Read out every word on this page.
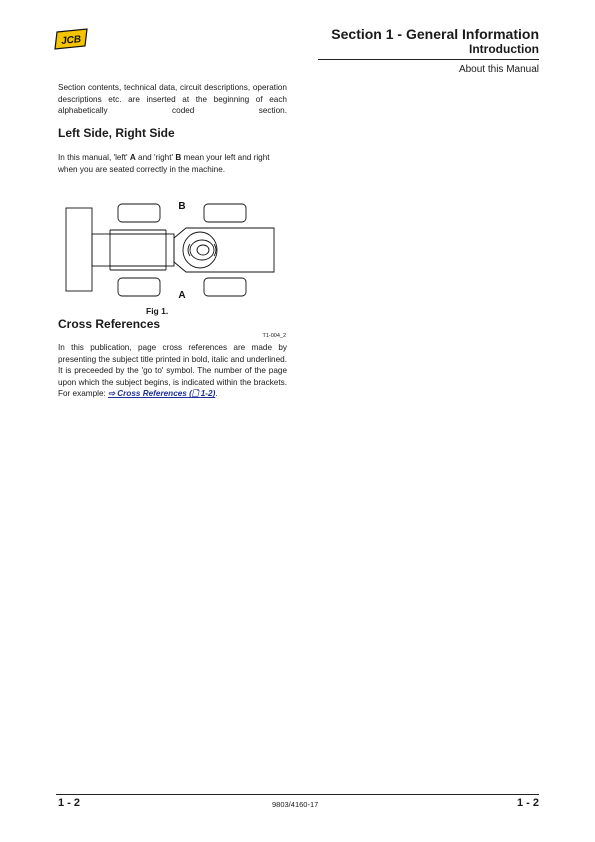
JCB	Section 1 - General Information
Introduction
About this Manual

Section contents, technical data, circuit descriptions, operation descriptions etc. are inserted at the beginning of each alphabetically coded section.

Left Side, Right Side

In this manual, 'left' A and 'right' B mean your left and right when you are seated correctly in the machine.

B
A
Fig 1.
Cross References
T1-004_2

In this publication, page cross references are made by presenting the subject title printed in bold, italic and underlined. It is preceeded by the 'go to' symbol. The number of the page upon which the subject begins, is indicated within the brackets. For example: ⇨ Cross References (🗋 1-2).

1 - 2	9803/4160-17	1 - 2
